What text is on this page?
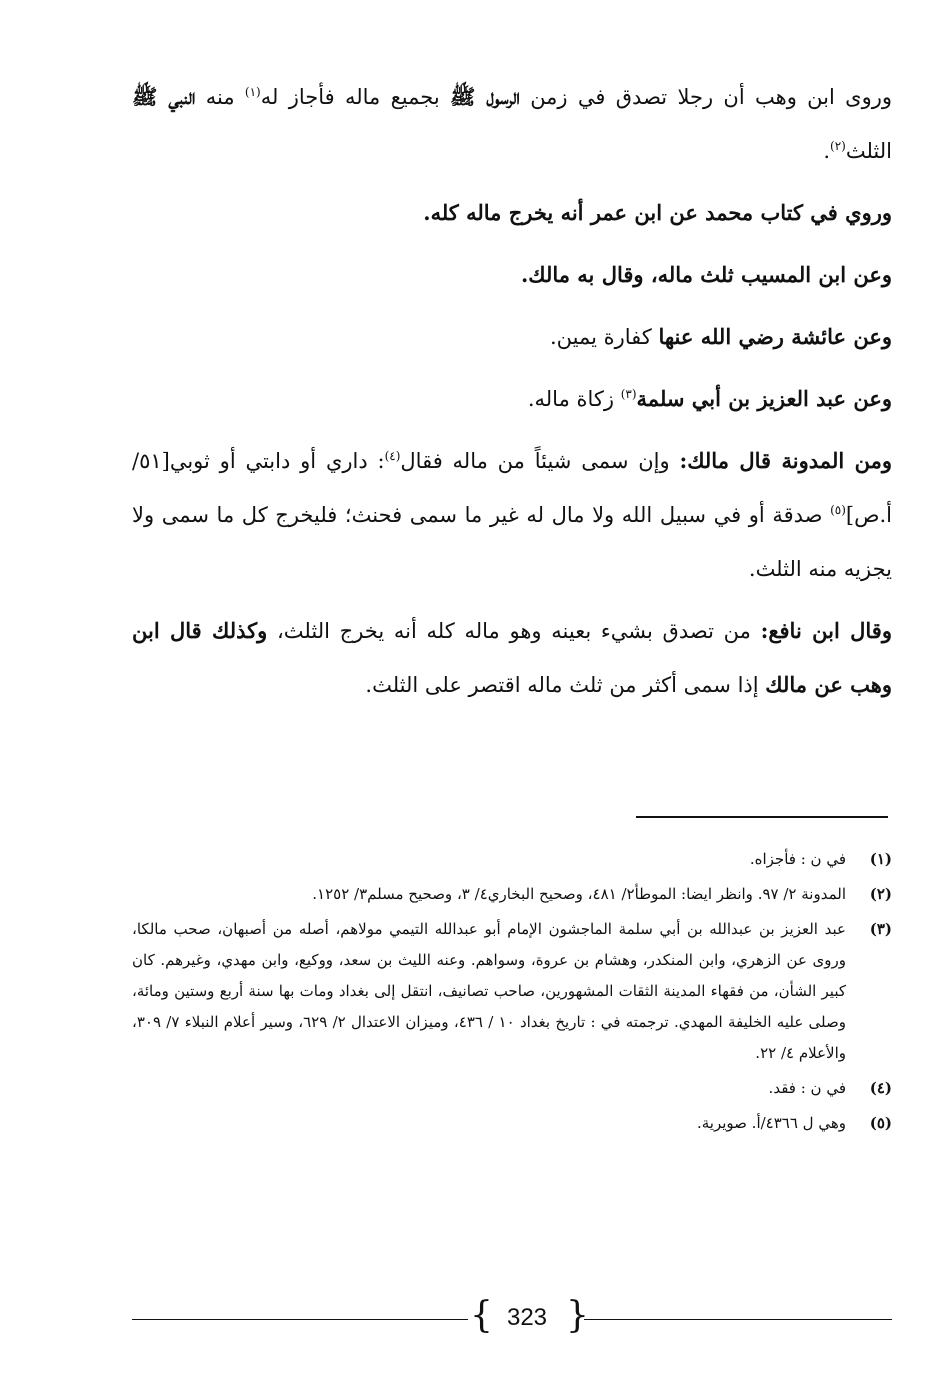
وروى ابن وهب أن رجلا تصدق في زمن الرسول ﷺ بجميع ماله فأجاز له$^{(١)}$ منه النبي ﷺ الثلث$^{(٢)}$.

وروي في كتاب محمد عن ابن عمر أنه يخرج ماله كله.

وعن ابن المسيب ثلث ماله، وقال به مالك.

وعن عائشة رضي الله عنها كفارة يمين.

وعن عبد العزيز بن أبي سلمة$^{(٣)}$ زكاة ماله.

ومن المدونة قال مالك: وإن سمى شيئاً من ماله فقال$^{(٤)}$: داري أو دابتي أو ثوبي[٥١/أ.ص]$^{(٥)}$ صدقة أو في سبيل الله ولا مال له غير ما سمى فحنث؛ فليخرج كل ما سمى ولا يجزيه منه الثلث.

وقال ابن نافع: من تصدق بشيء بعينه وهو ماله كله أنه يخرج الثلث، وكذلك قال ابن وهب عن مالك إذا سمى أكثر من ثلث ماله اقتصر على الثلث.

(١)
في ن : فأجزاه.
(٢)
المدونة ٢/ ٩٧. وانظر ايضا: الموطأ٢/ ٤٨١، وصحيح البخاري٤/ ٣، وصحيح مسلم٣/ ١٢٥٢.
(٣)
عبد العزيز بن عبدالله بن أبي سلمة الماجشون الإمام أبو عبدالله التيمي مولاهم، أصله من أصبهان، صحب مالكا، وروى عن الزهري، وابن المنكدر، وهشام بن عروة، وسواهم. وعنه الليث بن سعد، ووكيع، وابن مهدي، وغيرهم. كان كبير الشأن، من فقهاء المدينة الثقات المشهورين، صاحب تصانيف، انتقل إلى بغداد ومات بها سنة أربع وستين ومائة، وصلى عليه الخليفة المهدي. ترجمته في : تاريخ بغداد ١٠ / ٤٣٦، وميزان الاعتدال ٢/ ٦٢٩، وسير أعلام النبلاء ٧/ ٣٠٩، والأعلام ٤/ ٢٢.
(٤)
في ن : فقد.
(٥)
وهي ل ٤٣٦٦/أ. صويرية.
{ 323 }
